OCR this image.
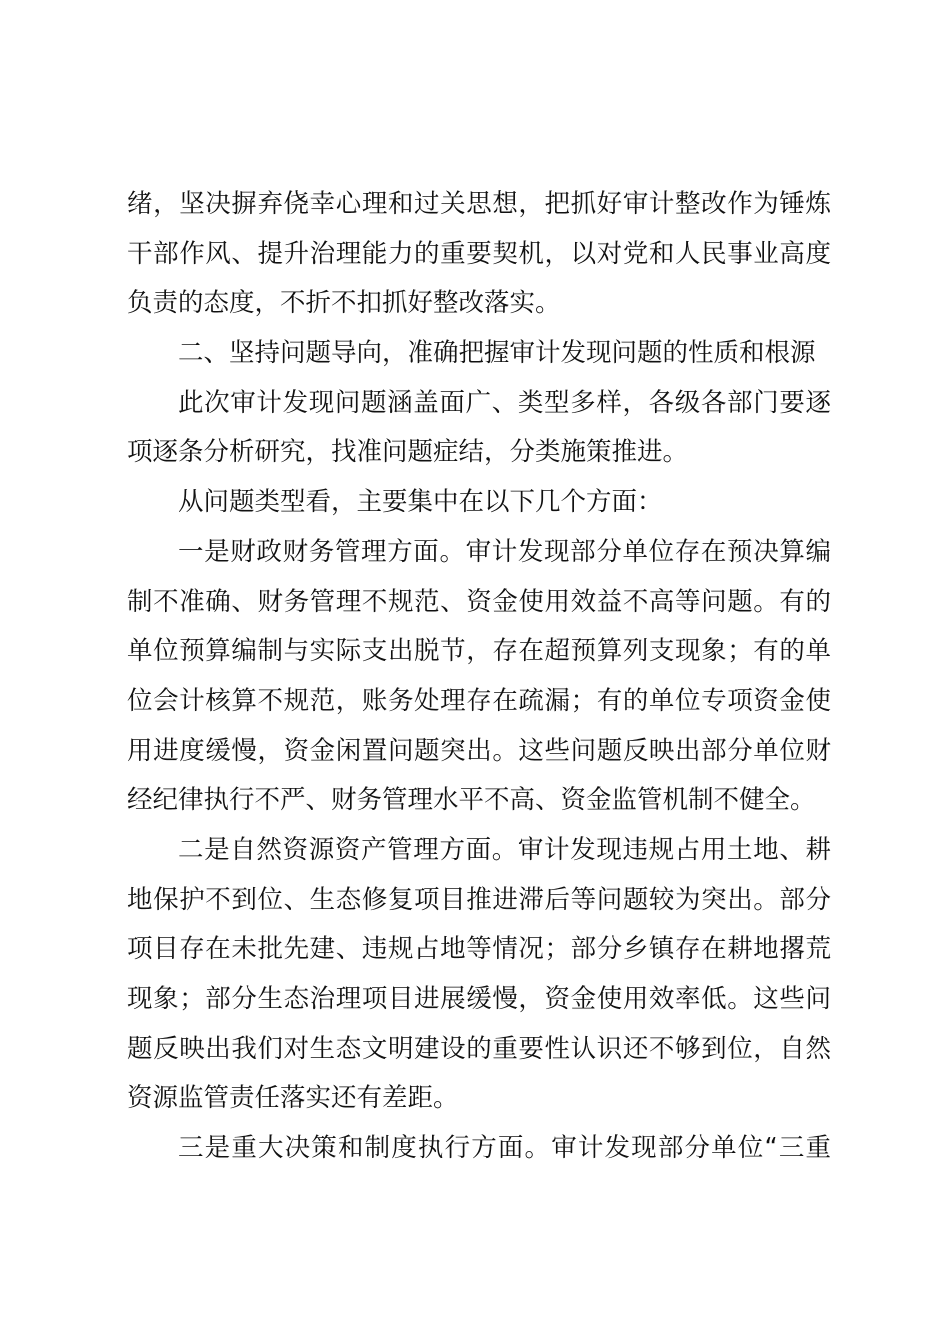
绪，坚决摒弃侥幸心理和过关思想，把抓好审计整改作为锤炼
干部作风、提升治理能力的重要契机，以对党和人民事业高度
负责的态度，不折不扣抓好整改落实。
二、坚持问题导向，准确把握审计发现问题的性质和根源
此次审计发现问题涵盖面广、类型多样，各级各部门要逐
项逐条分析研究，找准问题症结，分类施策推进。
从问题类型看，主要集中在以下几个方面：
一是财政财务管理方面。审计发现部分单位存在预决算编
制不准确、财务管理不规范、资金使用效益不高等问题。有的
单位预算编制与实际支出脱节，存在超预算列支现象；有的单
位会计核算不规范，账务处理存在疏漏；有的单位专项资金使
用进度缓慢，资金闲置问题突出。这些问题反映出部分单位财
经纪律执行不严、财务管理水平不高、资金监管机制不健全。
二是自然资源资产管理方面。审计发现违规占用土地、耕
地保护不到位、生态修复项目推进滞后等问题较为突出。部分
项目存在未批先建、违规占地等情况；部分乡镇存在耕地撂荒
现象；部分生态治理项目进展缓慢，资金使用效率低。这些问
题反映出我们对生态文明建设的重要性认识还不够到位，自然
资源监管责任落实还有差距。
三是重大决策和制度执行方面。审计发现部分单位“三重
